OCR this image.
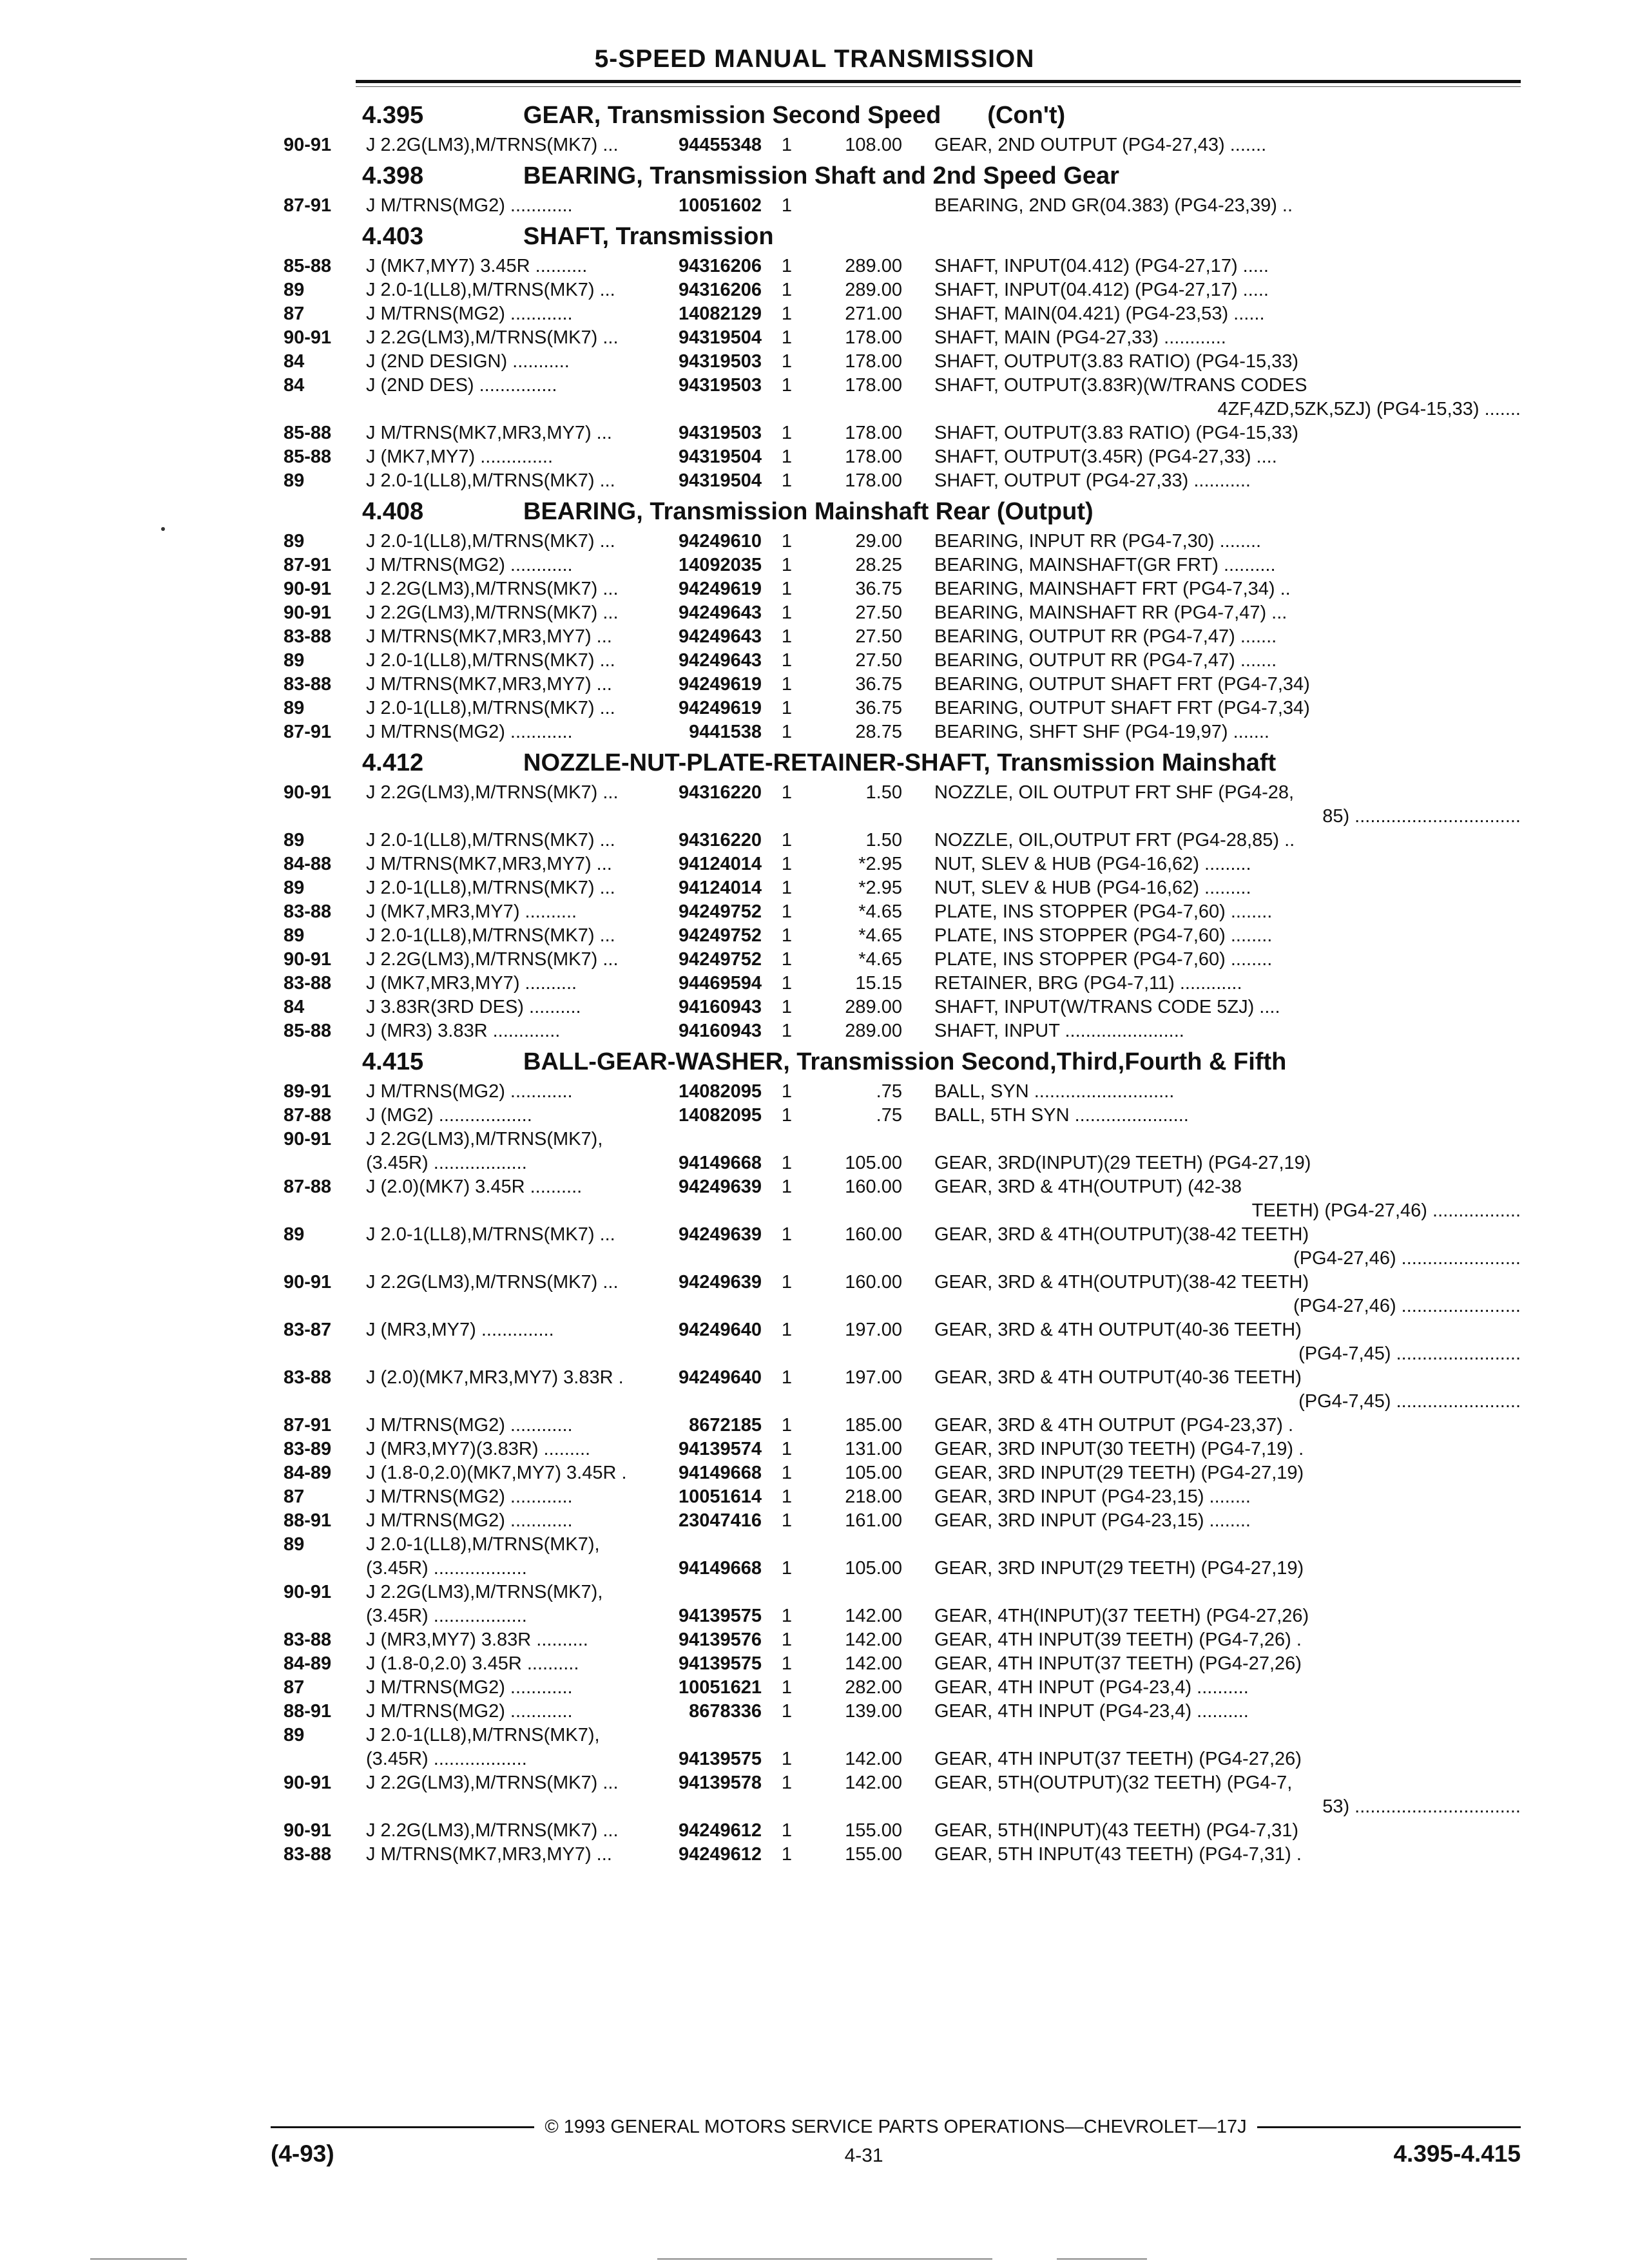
5-SPEED MANUAL TRANSMISSION
4.395	GEAR, Transmission Second Speed (Con't)
90-91	J 2.2G(LM3),M/TRNS(MK7) ...	94455348	1	108.00 GEAR, 2ND OUTPUT (PG4-27,43) .......
4.398	BEARING, Transmission Shaft and 2nd Speed Gear
87-91	J M/TRNS(MG2) ............	10051602	1	BEARING, 2ND GR(04.383) (PG4-23,39) ..
4.403	SHAFT, Transmission
85-88	J (MK7,MY7) 3.45R ..........	94316206	1	289.00 SHAFT, INPUT(04.412) (PG4-27,17) .....
89	J 2.0-1(LL8),M/TRNS(MK7) ...	94316206	1	289.00 SHAFT, INPUT(04.412) (PG4-27,17) .....
87	J M/TRNS(MG2) ............	14082129	1	271.00 SHAFT, MAIN(04.421) (PG4-23,53) ......
90-91	J 2.2G(LM3),M/TRNS(MK7) ...	94319504	1	178.00 SHAFT, MAIN (PG4-27,33) ............
84	J (2ND DESIGN) ...........	94319503	1	178.00 SHAFT, OUTPUT(3.83 RATIO) (PG4-15,33)
84	J (2ND DES) ...............	94319503	1	178.00 SHAFT, OUTPUT(3.83R)(W/TRANS CODES
4ZF,4ZD,5ZK,5ZJ) (PG4-15,33) .......
85-88	J M/TRNS(MK7,MR3,MY7) ...	94319503	1	178.00 SHAFT, OUTPUT(3.83 RATIO) (PG4-15,33)
85-88	J (MK7,MY7) ..............	94319504	1	178.00 SHAFT, OUTPUT(3.45R) (PG4-27,33) ....
89	J 2.0-1(LL8),M/TRNS(MK7) ...	94319504	1	178.00 SHAFT, OUTPUT (PG4-27,33) ...........
4.408	BEARING, Transmission Mainshaft Rear (Output)
89	J 2.0-1(LL8),M/TRNS(MK7) ...	94249610	1	29.00 BEARING, INPUT RR (PG4-7,30) ........
87-91	J M/TRNS(MG2) ............	14092035	1	28.25 BEARING, MAINSHAFT(GR FRT) ..........
90-91	J 2.2G(LM3),M/TRNS(MK7) ...	94249619	1	36.75 BEARING, MAINSHAFT FRT (PG4-7,34) ..
90-91	J 2.2G(LM3),M/TRNS(MK7) ...	94249643	1	27.50 BEARING, MAINSHAFT RR (PG4-7,47) ...
83-88	J M/TRNS(MK7,MR3,MY7) ...	94249643	1	27.50 BEARING, OUTPUT RR (PG4-7,47) .......
89	J 2.0-1(LL8),M/TRNS(MK7) ...	94249643	1	27.50 BEARING, OUTPUT RR (PG4-7,47) .......
83-88	J M/TRNS(MK7,MR3,MY7) ...	94249619	1	36.75 BEARING, OUTPUT SHAFT FRT (PG4-7,34)
89	J 2.0-1(LL8),M/TRNS(MK7) ...	94249619	1	36.75 BEARING, OUTPUT SHAFT FRT (PG4-7,34)
87-91	J M/TRNS(MG2) ............	9441538	1	28.75 BEARING, SHFT SHF (PG4-19,97) .......
4.412	NOZZLE-NUT-PLATE-RETAINER-SHAFT, Transmission Mainshaft
90-91	J 2.2G(LM3),M/TRNS(MK7) ...	94316220	1	1.50 NOZZLE, OIL OUTPUT FRT SHF (PG4-28,
85) ................................
89	J 2.0-1(LL8),M/TRNS(MK7) ...	94316220	1	1.50 NOZZLE, OIL,OUTPUT FRT (PG4-28,85) ..
84-88	J M/TRNS(MK7,MR3,MY7) ...	94124014	1	*2.95 NUT, SLEV & HUB (PG4-16,62) .........
89	J 2.0-1(LL8),M/TRNS(MK7) ...	94124014	1	*2.95 NUT, SLEV & HUB (PG4-16,62) .........
83-88	J (MK7,MR3,MY7) ..........	94249752	1	*4.65 PLATE, INS STOPPER (PG4-7,60) ........
89	J 2.0-1(LL8),M/TRNS(MK7) ...	94249752	1	*4.65 PLATE, INS STOPPER (PG4-7,60) ........
90-91	J 2.2G(LM3),M/TRNS(MK7) ...	94249752	1	*4.65 PLATE, INS STOPPER (PG4-7,60) ........
83-88	J (MK7,MR3,MY7) ..........	94469594	1	15.15 RETAINER, BRG (PG4-7,11) ............
84	J 3.83R(3RD DES) ..........	94160943	1	289.00 SHAFT, INPUT(W/TRANS CODE 5ZJ) ....
85-88	J (MR3) 3.83R .............	94160943	1	289.00 SHAFT, INPUT .......................
4.415	BALL-GEAR-WASHER, Transmission Second,Third,Fourth & Fifth
89-91	J M/TRNS(MG2) ............	14082095	1	.75 BALL, SYN ...........................
87-88	J (MG2) ..................	14082095	1	.75 BALL, 5TH SYN ......................
90-91	J 2.2G(LM3),M/TRNS(MK7),
(3.45R) ..................	94149668	1	105.00 GEAR, 3RD(INPUT)(29 TEETH) (PG4-27,19)
87-88	J (2.0)(MK7) 3.45R ..........	94249639	1	160.00 GEAR, 3RD & 4TH(OUTPUT) (42-38
TEETH) (PG4-27,46) .................
89	J 2.0-1(LL8),M/TRNS(MK7) ...	94249639	1	160.00 GEAR, 3RD & 4TH(OUTPUT)(38-42 TEETH)
(PG4-27,46) .......................
90-91	J 2.2G(LM3),M/TRNS(MK7) ...	94249639	1	160.00 GEAR, 3RD & 4TH(OUTPUT)(38-42 TEETH)
(PG4-27,46) .......................
83-87	J (MR3,MY7) ..............	94249640	1	197.00 GEAR, 3RD & 4TH OUTPUT(40-36 TEETH)
(PG4-7,45) ........................
83-88	J (2.0)(MK7,MR3,MY7) 3.83R .	94249640	1	197.00 GEAR, 3RD & 4TH OUTPUT(40-36 TEETH)
(PG4-7,45) ........................
87-91	J M/TRNS(MG2) ............	8672185	1	185.00 GEAR, 3RD & 4TH OUTPUT (PG4-23,37) .
83-89	J (MR3,MY7)(3.83R) .........	94139574	1	131.00 GEAR, 3RD INPUT(30 TEETH) (PG4-7,19) .
84-89	J (1.8-0,2.0)(MK7,MY7) 3.45R .	94149668	1	105.00 GEAR, 3RD INPUT(29 TEETH) (PG4-27,19)
87	J M/TRNS(MG2) ............	10051614	1	218.00 GEAR, 3RD INPUT (PG4-23,15) ........
88-91	J M/TRNS(MG2) ............	23047416	1	161.00 GEAR, 3RD INPUT (PG4-23,15) ........
89	J 2.0-1(LL8),M/TRNS(MK7),
(3.45R) ..................	94149668	1	105.00 GEAR, 3RD INPUT(29 TEETH) (PG4-27,19)
90-91	J 2.2G(LM3),M/TRNS(MK7),
(3.45R) ..................	94139575	1	142.00 GEAR, 4TH(INPUT)(37 TEETH) (PG4-27,26)
83-88	J (MR3,MY7) 3.83R ..........	94139576	1	142.00 GEAR, 4TH INPUT(39 TEETH) (PG4-7,26) .
84-89	J (1.8-0,2.0) 3.45R ..........	94139575	1	142.00 GEAR, 4TH INPUT(37 TEETH) (PG4-27,26)
87	J M/TRNS(MG2) ............	10051621	1	282.00 GEAR, 4TH INPUT (PG4-23,4) ..........
88-91	J M/TRNS(MG2) ............	8678336	1	139.00 GEAR, 4TH INPUT (PG4-23,4) ..........
89	J 2.0-1(LL8),M/TRNS(MK7),
(3.45R) ..................	94139575	1	142.00 GEAR, 4TH INPUT(37 TEETH) (PG4-27,26)
90-91	J 2.2G(LM3),M/TRNS(MK7) ...	94139578	1	142.00 GEAR, 5TH(OUTPUT)(32 TEETH) (PG4-7,
53) ................................
90-91	J 2.2G(LM3),M/TRNS(MK7) ...	94249612	1	155.00 GEAR, 5TH(INPUT)(43 TEETH) (PG4-7,31)
83-88	J M/TRNS(MK7,MR3,MY7) ...	94249612	1	155.00 GEAR, 5TH INPUT(43 TEETH) (PG4-7,31) .
© 1993 GENERAL MOTORS SERVICE PARTS OPERATIONS—CHEVROLET—17J
(4-93)	4-31	4.395-4.415
